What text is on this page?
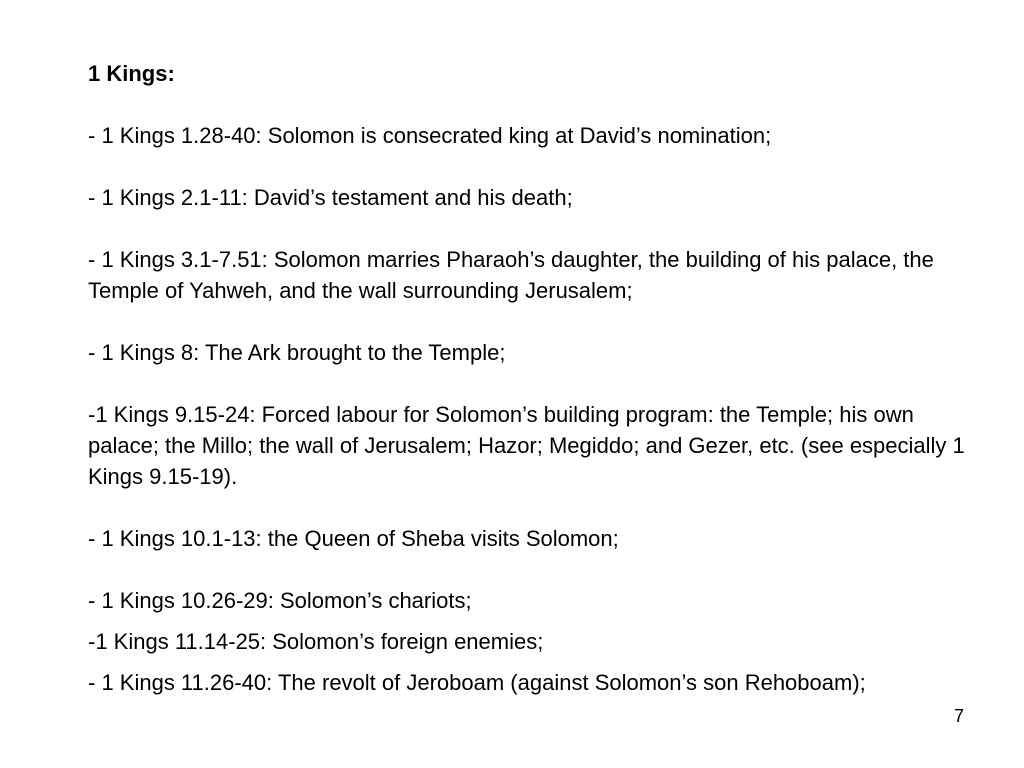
1 Kings:

- 1 Kings 1.28-40: Solomon is consecrated king at David’s nomination;

- 1 Kings 2.1-11: David’s testament and his death;

- 1 Kings 3.1-7.51: Solomon marries Pharaoh’s daughter, the building of his palace, the Temple of Yahweh, and the wall surrounding Jerusalem;

- 1 Kings 8: The Ark brought to the Temple;

-1 Kings 9.15-24: Forced labour for Solomon’s building program: the Temple; his own palace; the Millo; the wall of Jerusalem; Hazor; Megiddo; and Gezer, etc. (see especially 1 Kings 9.15-19).

- 1 Kings 10.1-13: the Queen of Sheba visits Solomon;

- 1 Kings 10.26-29: Solomon’s chariots;

-1 Kings 11.14-25: Solomon’s foreign enemies;

- 1 Kings 11.26-40: The revolt of Jeroboam (against Solomon’s son Rehoboam);

7
